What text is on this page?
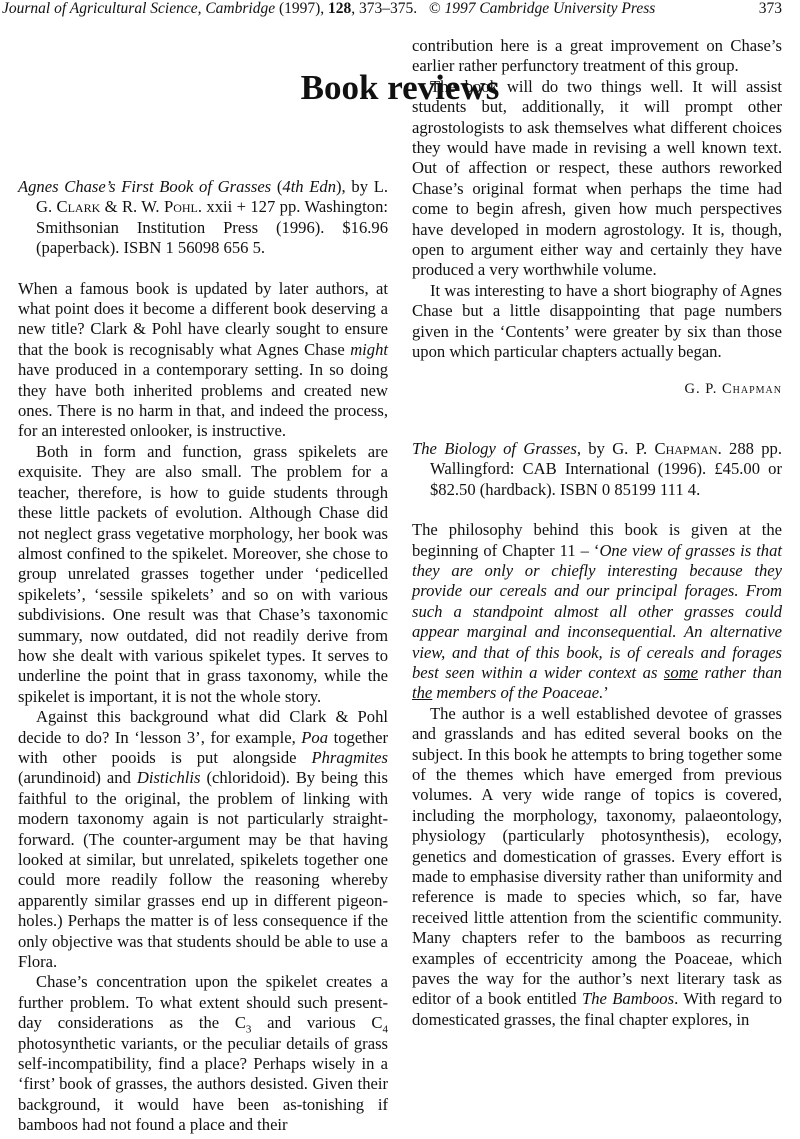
Journal of Agricultural Science, Cambridge (1997), 128, 373–375. © 1997 Cambridge University Press	373
Book reviews
Agnes Chase’s First Book of Grasses (4th Edn), by L. G. Clark & R. W. Pohl. xxii + 127 pp. Washington: Smithsonian Institution Press (1996). $16.96 (paperback). ISBN 1 56098 656 5.
When a famous book is updated by later authors, at what point does it become a different book deserving a new title? Clark & Pohl have clearly sought to ensure that the book is recognisably what Agnes Chase might have produced in a contemporary setting. In so doing they have both inherited problems and created new ones. There is no harm in that, and indeed the process, for an interested onlooker, is instructive.
Both in form and function, grass spikelets are exquisite. They are also small. The problem for a teacher, therefore, is how to guide students through these little packets of evolution. Although Chase did not neglect grass vegetative morphology, her book was almost confined to the spikelet. Moreover, she chose to group unrelated grasses together under ‘pedicelled spikelets’, ‘sessile spikelets’ and so on with various subdivisions. One result was that Chase’s taxonomic summary, now outdated, did not readily derive from how she dealt with various spikelet types. It serves to underline the point that in grass taxonomy, while the spikelet is important, it is not the whole story.
Against this background what did Clark & Pohl decide to do? In ‘lesson 3’, for example, Poa together with other pooids is put alongside Phragmites (arundinoid) and Distichlis (chloridoid). By being this faithful to the original, the problem of linking with modern taxonomy again is not particularly straight-forward. (The counter-argument may be that having looked at similar, but unrelated, spikelets together one could more readily follow the reasoning whereby apparently similar grasses end up in different pigeon-holes.) Perhaps the matter is of less consequence if the only objective was that students should be able to use a Flora.
Chase’s concentration upon the spikelet creates a further problem. To what extent should such present-day considerations as the $C_3$ and various $C_4$ photosynthetic variants, or the peculiar details of grass self-incompatibility, find a place? Perhaps wisely in a ‘first’ book of grasses, the authors desisted. Given their background, it would have been as-tonishing if bamboos had not found a place and their
contribution here is a great improvement on Chase’s earlier rather perfunctory treatment of this group.
The book will do two things well. It will assist students but, additionally, it will prompt other agrostologists to ask themselves what different choices they would have made in revising a well known text. Out of affection or respect, these authors reworked Chase’s original format when perhaps the time had come to begin afresh, given how much perspectives have developed in modern agrostology. It is, though, open to argument either way and certainly they have produced a very worthwhile volume.
It was interesting to have a short biography of Agnes Chase but a little disappointing that page numbers given in the ‘Contents’ were greater by six than those upon which particular chapters actually began.
G. P. Chapman
The Biology of Grasses, by G. P. Chapman. 288 pp. Wallingford: CAB International (1996). £45.00 or $82.50 (hardback). ISBN 0 85199 111 4.
The philosophy behind this book is given at the beginning of Chapter 11 – ‘One view of grasses is that they are only or chiefly interesting because they provide our cereals and our principal forages. From such a standpoint almost all other grasses could appear marginal and inconsequential. An alternative view, and that of this book, is of cereals and forages best seen within a wider context as some rather than the members of the Poaceae.’
The author is a well established devotee of grasses and grasslands and has edited several books on the subject. In this book he attempts to bring together some of the themes which have emerged from previous volumes. A very wide range of topics is covered, including the morphology, taxonomy, palaeontology, physiology (particularly photosynthesis), ecology, genetics and domestication of grasses. Every effort is made to emphasise diversity rather than uniformity and reference is made to species which, so far, have received little attention from the scientific community. Many chapters refer to the bamboos as recurring examples of eccentricity among the Poaceae, which paves the way for the author’s next literary task as editor of a book entitled The Bamboos. With regard to domesticated grasses, the final chapter explores, in
